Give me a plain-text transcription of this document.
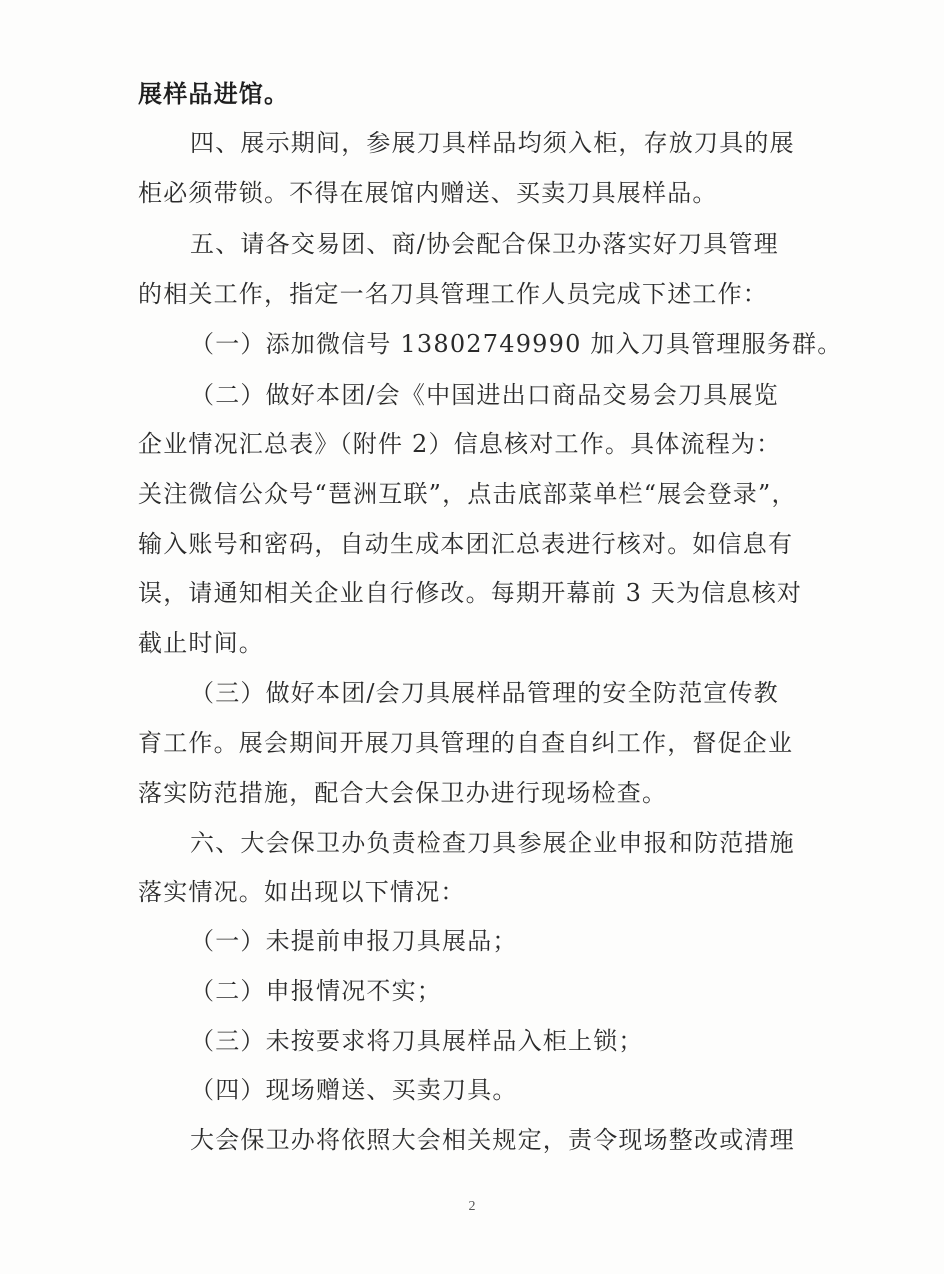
展样品进馆。
四、展示期间，参展刀具样品均须入柜，存放刀具的展
柜必须带锁。不得在展馆内赠送、买卖刀具展样品。
五、请各交易团、商/协会配合保卫办落实好刀具管理
的相关工作，指定一名刀具管理工作人员完成下述工作：
（一）添加微信号 13802749990 加入刀具管理服务群。
（二）做好本团/会《中国进出口商品交易会刀具展览
企业情况汇总表》（附件 2）信息核对工作。具体流程为：
关注微信公众号“琶洲互联”，点击底部菜单栏“展会登录”，
输入账号和密码，自动生成本团汇总表进行核对。如信息有
误，请通知相关企业自行修改。每期开幕前 3 天为信息核对
截止时间。
（三）做好本团/会刀具展样品管理的安全防范宣传教
育工作。展会期间开展刀具管理的自查自纠工作，督促企业
落实防范措施，配合大会保卫办进行现场检查。
六、大会保卫办负责检查刀具参展企业申报和防范措施
落实情况。如出现以下情况：
（一）未提前申报刀具展品；
（二）申报情况不实；
（三）未按要求将刀具展样品入柜上锁；
（四）现场赠送、买卖刀具。
大会保卫办将依照大会相关规定，责令现场整改或清理
2
